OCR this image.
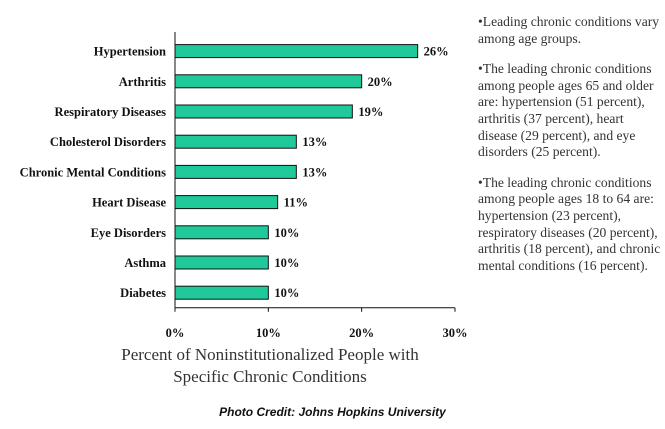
Hypertension	26%
Arthritis	20%
Respiratory Diseases	19%
Cholesterol Disorders	13%
Chronic Mental Conditions	13%
Heart Disease	11%
Eye Disorders	10%
Asthma	10%
Diabetes	10%
0%	10%	20%	30%
Percent of Noninstitutionalized People with
Specific Chronic Conditions

•Leading chronic conditions vary among age groups.

•The leading chronic conditions among people ages 65 and older are: hypertension (51 percent), arthritis (37 percent), heart disease (29 percent), and eye disorders (25 percent).

•The leading chronic conditions among people ages 18 to 64 are: hypertension (23 percent), respiratory diseases (20 percent), arthritis (18 percent), and chronic mental conditions (16 percent).

Photo Credit: Johns Hopkins University
